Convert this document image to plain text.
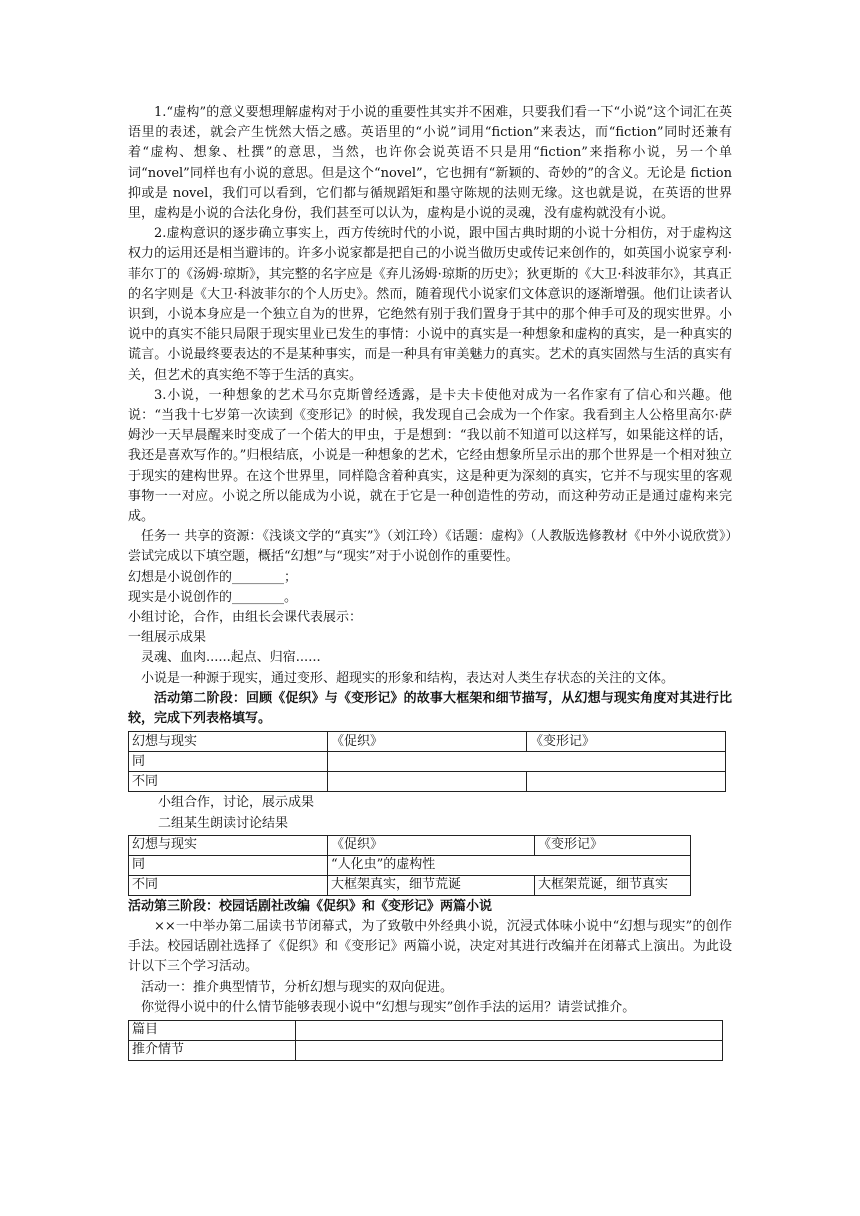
1.“虚构”的意义要想理解虚构对于小说的重要性其实并不困难，只要我们看一下“小说”这个词汇在英语里的表述，就会产生恍然大悟之感。英语里的“小说”词用“fiction”来表达，而“fiction”同时还兼有着“虚构、想象、杜撰”的意思，当然，也许你会说英语不只是用“fiction”来指称小说，另一个单词“novel”同样也有小说的意思。但是这个“novel”，它也拥有“新颖的、奇妙的”的含义。无论是 fiction 抑或是 novel，我们可以看到，它们都与循规蹈矩和墨守陈规的法则无缘。这也就是说，在英语的世界里，虚构是小说的合法化身份，我们甚至可以认为，虚构是小说的灵魂，没有虚构就没有小说。

2.虚构意识的逐步确立事实上，西方传统时代的小说，跟中国古典时期的小说十分相仿，对于虚构这权力的运用还是相当避讳的。许多小说家都是把自己的小说当做历史或传记来创作的，如英国小说家亨利·菲尔丁的《汤姆·琼斯》，其完整的名字应是《弃儿汤姆·琼斯的历史》；狄更斯的《大卫·科波菲尔》，其真正的名字则是《大卫·科波菲尔的个人历史》。然而，随着现代小说家们文体意识的逐渐增强。他们让读者认识到，小说本身应是一个独立自为的世界，它绝然有别于我们置身于其中的那个伸手可及的现实世界。小说中的真实不能只局限于现实里业已发生的事情：小说中的真实是一种想象和虚构的真实，是一种真实的谎言。小说最终要表达的不是某种事实，而是一种具有审美魅力的真实。艺术的真实固然与生活的真实有关，但艺术的真实绝不等于生活的真实。

3.小说，一种想象的艺术马尔克斯曾经透露，是卡夫卡使他对成为一名作家有了信心和兴趣。他说：“当我十七岁第一次读到《变形记》的时候，我发现自己会成为一个作家。我看到主人公格里高尔·萨姆沙一天早晨醒来时变成了一个偌大的甲虫，于是想到：“我以前不知道可以这样写，如果能这样的话，我还是喜欢写作的。”归根结底，小说是一种想象的艺术，它经由想象所呈示出的那个世界是一个相对独立于现实的建构世界。在这个世界里，同样隐含着种真实，这是种更为深刻的真实，它并不与现实里的客观事物一一对应。小说之所以能成为小说，就在于它是一种创造性的劳动，而这种劳动正是通过虚构来完成。

任务一 共享的资源：《浅谈文学的“真实”》（刘江玲）《话题：虚构》（人教版选修教材《中外小说欣赏》）尝试完成以下填空题，概括“幻想”与“现实”对于小说创作的重要性。

幻想是小说创作的________；

现实是小说创作的________。

小组讨论，合作，由组长会课代表展示：

一组展示成果

灵魂、血肉......起点、归宿......

小说是一种源于现实，通过变形、超现实的形象和结构，表达对人类生存状态的关注的文体。

活动第二阶段：回顾《促织》与《变形记》的故事大框架和细节描写，从幻想与现实角度对其进行比较，完成下列表格填写。

幻想与现实	《促织》	《变形记》
同		
不同		

小组合作，讨论，展示成果

二组某生朗读讨论结果

幻想与现实	《促织》	《变形记》
同	“人化虫”的虚构性	
不同	大框架真实，细节荒诞	大框架荒诞，细节真实

活动第三阶段：校园话剧社改编《促织》和《变形记》两篇小说

××一中举办第二届读书节闭幕式，为了致敬中外经典小说，沉浸式体味小说中“幻想与现实”的创作手法。校园话剧社选择了《促织》和《变形记》两篇小说，决定对其进行改编并在闭幕式上演出。为此设计以下三个学习活动。

活动一：推介典型情节，分析幻想与现实的双向促进。

你觉得小说中的什么情节能够表现小说中“幻想与现实”创作手法的运用？请尝试推介。

篇目	
推介情节	
